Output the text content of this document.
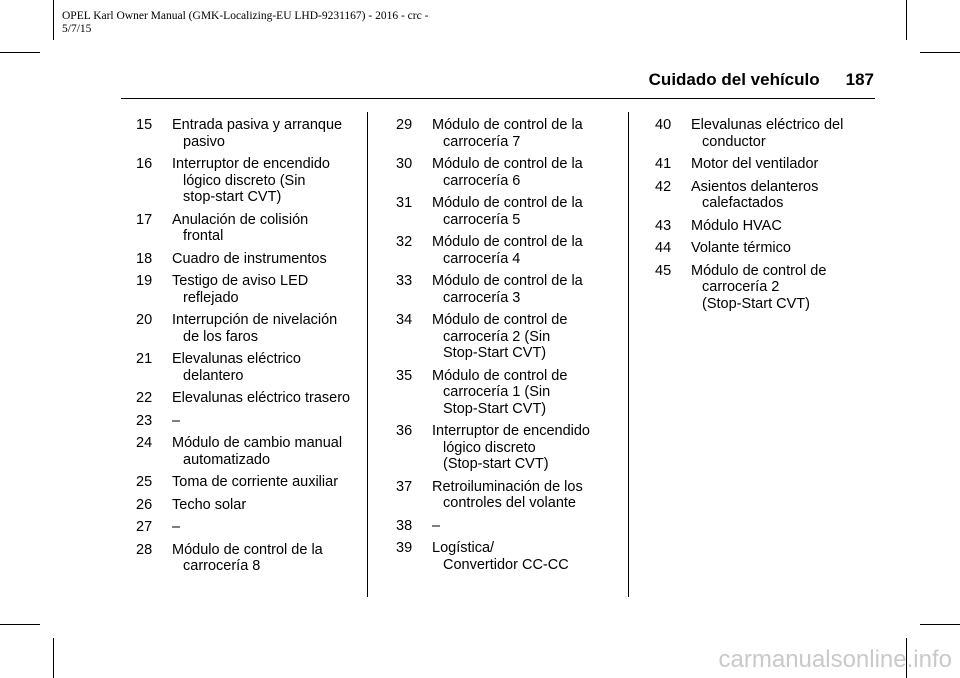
OPEL Karl Owner Manual (GMK-Localizing-EU LHD-9231167) - 2016 - crc -
5/7/15
Cuidado del vehículo 187
15	Entrada pasiva y arranque
pasivo
16	Interruptor de encendido
lógico discreto (Sin
stop-start CVT)
17	Anulación de colisión
frontal
18	Cuadro de instrumentos
19	Testigo de aviso LED
reflejado
20	Interrupción de nivelación
de los faros
21	Elevalunas eléctrico
delantero
22	Elevalunas eléctrico trasero
23	–
24	Módulo de cambio manual
automatizado
25	Toma de corriente auxiliar
26	Techo solar
27	–
28	Módulo de control de la
carrocería 8
29	Módulo de control de la
carrocería 7
30	Módulo de control de la
carrocería 6
31	Módulo de control de la
carrocería 5
32	Módulo de control de la
carrocería 4
33	Módulo de control de la
carrocería 3
34	Módulo de control de
carrocería 2 (Sin
Stop-Start CVT)
35	Módulo de control de
carrocería 1 (Sin
Stop-Start CVT)
36	Interruptor de encendido
lógico discreto
(Stop-start CVT)
37	Retroiluminación de los
controles del volante
38	–
39	Logística/
Convertidor CC-CC
40	Elevalunas eléctrico del
conductor
41	Motor del ventilador
42	Asientos delanteros
calefactados
43	Módulo HVAC
44	Volante térmico
45	Módulo de control de
carrocería 2
(Stop-Start CVT)
carmanualsonline.info
